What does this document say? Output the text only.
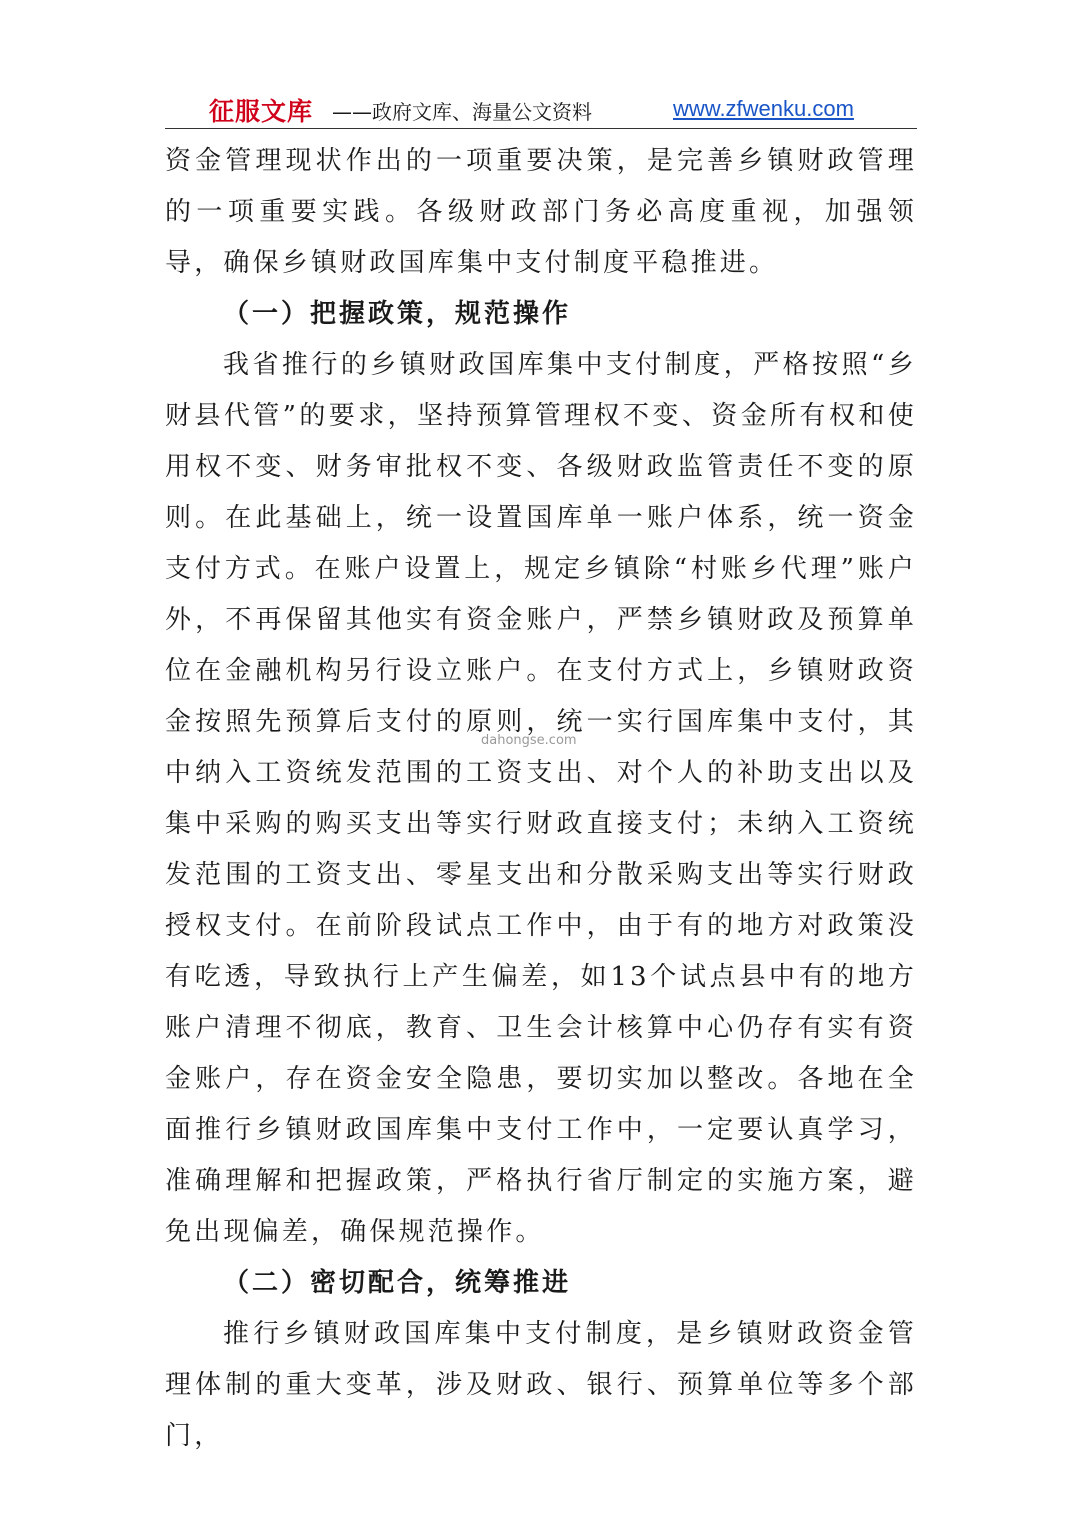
征服文库 ——政府文库、海量公文资料	www.zfwenku.com

资金管理现状作出的一项重要决策，是完善乡镇财政管理的一项重要实践。各级财政部门务必高度重视，加强领导，确保乡镇财政国库集中支付制度平稳推进。

（一）把握政策，规范操作

我省推行的乡镇财政国库集中支付制度，严格按照“乡财县代管”的要求，坚持预算管理权不变、资金所有权和使用权不变、财务审批权不变、各级财政监管责任不变的原则。在此基础上，统一设置国库单一账户体系，统一资金支付方式。在账户设置上，规定乡镇除“村账乡代理”账户外，不再保留其他实有资金账户，严禁乡镇财政及预算单位在金融机构另行设立账户。在支付方式上，乡镇财政资金按照先预算后支付的原则，统一实行国库集中支付，其中纳入工资统发范围的工资支出、对个人的补助支出以及集中采购的购买支出等实行财政直接支付；未纳入工资统发范围的工资支出、零星支出和分散采购支出等实行财政授权支付。在前阶段试点工作中，由于有的地方对政策没有吃透，导致执行上产生偏差，如13个试点县中有的地方账户清理不彻底，教育、卫生会计核算中心仍存有实有资金账户，存在资金安全隐患，要切实加以整改。各地在全面推行乡镇财政国库集中支付工作中，一定要认真学习，准确理解和把握政策，严格执行省厅制定的实施方案，避免出现偏差，确保规范操作。

（二）密切配合，统筹推进

推行乡镇财政国库集中支付制度，是乡镇财政资金管理体制的重大变革，涉及财政、银行、预算单位等多个部门，

dahongse.com
